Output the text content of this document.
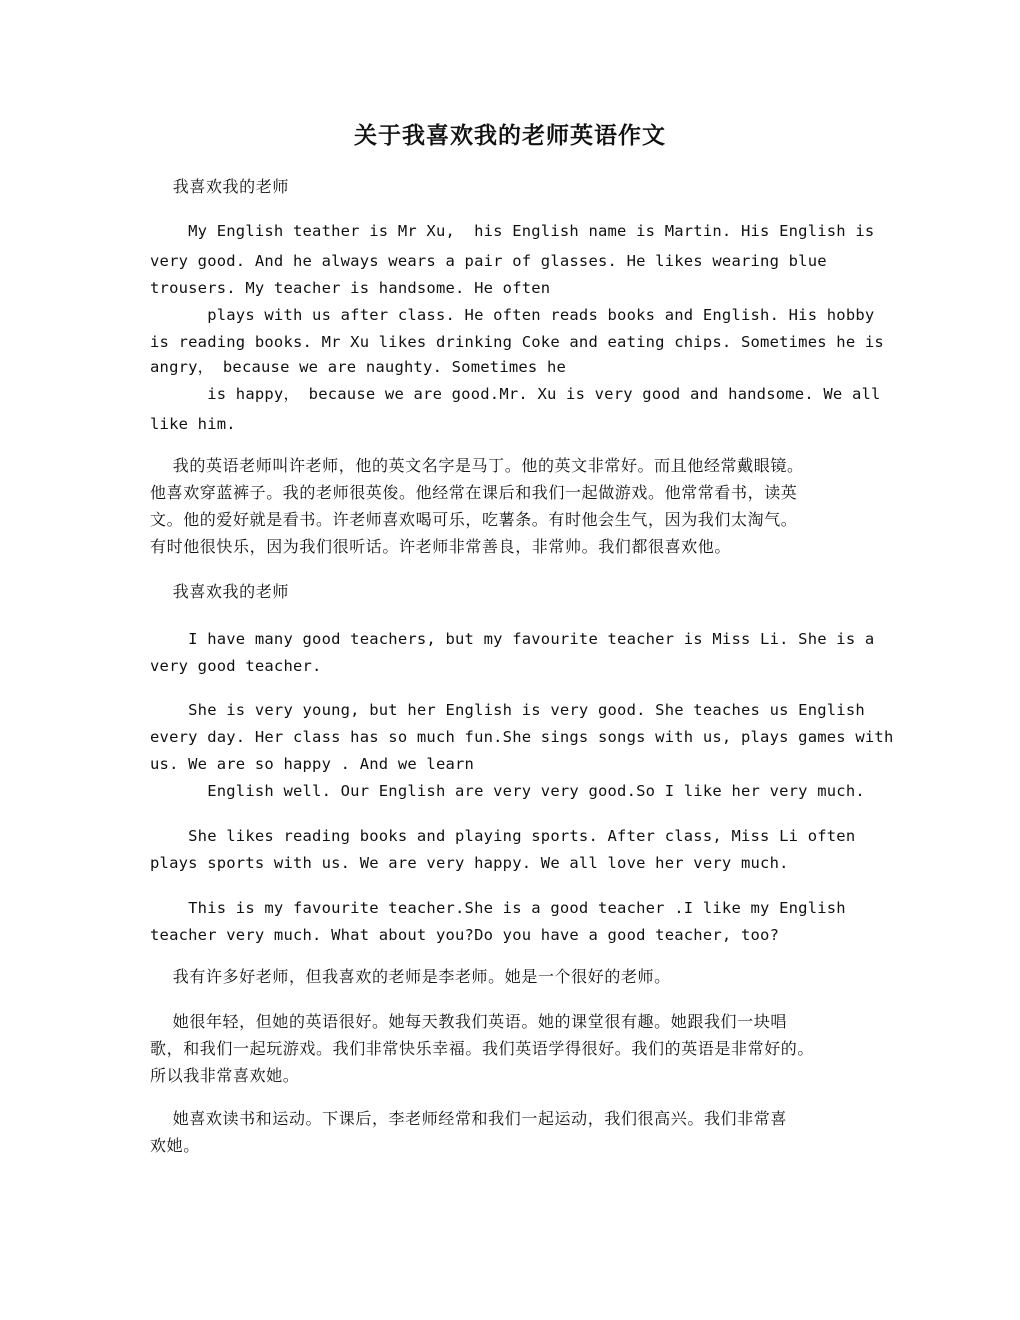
关于我喜欢我的老师英语作文
我喜欢我的老师
My English teather is Mr Xu,  his English name is Martin. His English is
very good. And he always wears a pair of glasses. He likes wearing blue
trousers. My teacher is handsome. He often
plays with us after class. He often reads books and English. His hobby
is reading books. Mr Xu likes drinking Coke and eating chips. Sometimes he is
angry， because we are naughty. Sometimes he
is happy， because we are good.Mr. Xu is very good and handsome. We all
like him.
我的英语老师叫许老师，他的英文名字是马丁。他的英文非常好。而且他经常戴眼镜。
他喜欢穿蓝裤子。我的老师很英俊。他经常在课后和我们一起做游戏。他常常看书，读英
文。他的爱好就是看书。许老师喜欢喝可乐，吃薯条。有时他会生气，因为我们太淘气。
有时他很快乐，因为我们很听话。许老师非常善良，非常帅。我们都很喜欢他。
我喜欢我的老师
I have many good teachers, but my favourite teacher is Miss Li. She is a
very good teacher.
She is very young, but her English is very good. She teaches us English
every day. Her class has so much fun.She sings songs with us, plays games with
us. We are so happy . And we learn
English well. Our English are very very good.So I like her very much.
She likes reading books and playing sports. After class, Miss Li often
plays sports with us. We are very happy. We all love her very much.
This is my favourite teacher.She is a good teacher .I like my English
teacher very much. What about you?Do you have a good teacher, too?
我有许多好老师，但我喜欢的老师是李老师。她是一个很好的老师。
她很年轻，但她的英语很好。她每天教我们英语。她的课堂很有趣。她跟我们一块唱
歌，和我们一起玩游戏。我们非常快乐幸福。我们英语学得很好。我们的英语是非常好的。
所以我非常喜欢她。
她喜欢读书和运动。下课后，李老师经常和我们一起运动，我们很高兴。我们非常喜
欢她。
